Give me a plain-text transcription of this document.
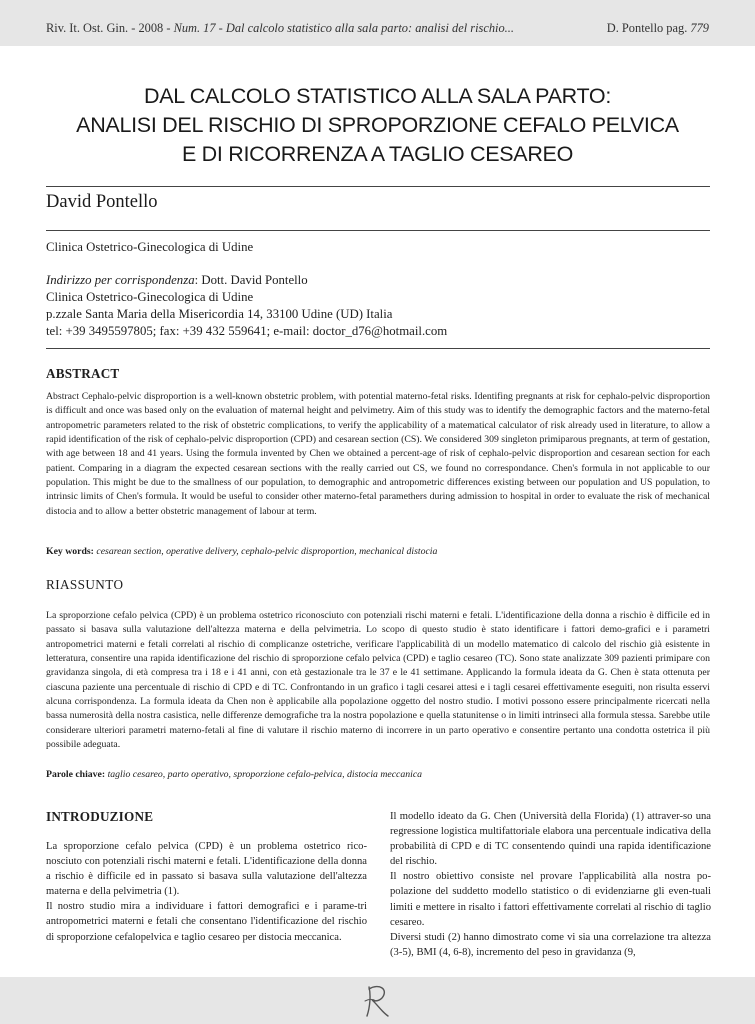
Riv. It. Ost. Gin. - 2008 - Num. 17 - Dal calcolo statistico alla sala parto: analisi del rischio...	D. Pontello pag. 779
DAL CALCOLO STATISTICO ALLA SALA PARTO:
ANALISI DEL RISCHIO DI SPROPORZIONE CEFALO PELVICA
E DI RICORRENZA A TAGLIO CESAREO
David Pontello
Clinica Ostetrico-Ginecologica di Udine
Indirizzo per corrispondenza: Dott. David Pontello
Clinica Ostetrico-Ginecologica di Udine
p.zzale Santa Maria della Misericordia 14, 33100 Udine (UD) Italia
tel: +39 3495597805; fax: +39 432 559641; e-mail: doctor_d76@hotmail.com
ABSTRACT
Abstract Cephalo-pelvic disproportion is a well-known obstetric problem, with potential materno-fetal risks. Identifing pregnants at risk for cephalo-pelvic disproportion is difficult and once was based only on the evaluation of maternal height and pelvimetry. Aim of this study was to identify the demographic factors and the materno-fetal antropometric parameters related to the risk of obstetric complications, to verify the applicability of a matematical calculator of risk already used in literature, to allow a rapid identification of the risk of cephalo-pelvic disproportion (CPD) and cesarean section (CS). We considered 309 singleton primiparous pregnants, at term of gestation, with age between 18 and 41 years. Using the formula invented by Chen we obtained a percent-age of risk of cephalo-pelvic disproportion and cesarean section for each patient. Comparing in a diagram the expected cesarean sections with the really carried out CS, we found no correspondance. Chen's formula in not applicable to our population. This might be due to the smallness of our population, to demographic and antropometric differences existing between our population and US population, to intrinsic limits of Chen's formula. It would be useful to consider other materno-fetal paramethers during admission to hospital in order to evaluate the risk of mechanical distocia and to allow a better obstetric management of labour at term.
Key words: cesarean section, operative delivery, cephalo-pelvic disproportion, mechanical distocia
RIASSUNTO
La sproporzione cefalo pelvica (CPD) è un problema ostetrico riconosciuto con potenziali rischi materni e fetali. L'identificazione della donna a rischio è difficile ed in passato si basava sulla valutazione dell'altezza materna e della pelvimetria. Lo scopo di questo studio è stato identificare i fattori demo-grafici e i parametri antropometrici materni e fetali correlati al rischio di complicanze ostetriche, verificare l'applicabilità di un modello matematico di calcolo del rischio già esistente in letteratura, consentire una rapida identificazione del rischio di sproporzione cefalo pelvica (CPD) e taglio cesareo (TC). Sono state analizzate 309 pazienti primipare con gravidanza singola, di età compresa tra i 18 e i 41 anni, con età gestazionale tra le 37 e le 41 settimane. Applicando la formula ideata da G. Chen è stata ottenuta per ciascuna paziente una percentuale di rischio di CPD e di TC. Confrontando in un grafico i tagli cesarei attesi e i tagli cesarei effettivamente eseguiti, non risulta esservi alcuna corrispondenza. La formula ideata da Chen non è applicabile alla popolazione oggetto del nostro studio. I motivi possono essere principalmente ricercati nella bassa numerosità della nostra casistica, nelle differenze demografiche tra la nostra popolazione e quella statunitense o in limiti intrinseci alla formula stessa. Sarebbe utile considerare ulteriori parametri materno-fetali al fine di valutare il rischio materno di incorrere in un parto operativo e consentire pertanto una condotta ostetrica il più possibile adeguata.
Parole chiave: taglio cesareo, parto operativo, sproporzione cefalo-pelvica, distocia meccanica
INTRODUZIONE

La sproporzione cefalo pelvica (CPD) è un problema ostetrico rico-nosciuto con potenziali rischi materni e fetali. L'identificazione della donna a rischio è difficile ed in passato si basava sulla valutazione dell'altezza materna e della pelvimetria (1).

Il nostro studio mira a individuare i fattori demografici e i parame-tri antropometrici materni e fetali che consentano l'identificazione del rischio di sproporzione cefalopelvica e taglio cesareo per distocia meccanica.

Il modello ideato da G. Chen (Università della Florida) (1) attraver-so una regressione logistica multifattoriale elabora una percentuale indicativa della probabilità di CPD e di TC consentendo quindi una rapida identificazione del rischio.

Il nostro obiettivo consiste nel provare l'applicabilità alla nostra po-polazione del suddetto modello statistico o di evidenziarne gli even-tuali limiti e mettere in risalto i fattori effettivamente correlati al rischio di taglio cesareo.

Diversi studi (2) hanno dimostrato come vi sia una correlazione tra altezza (3-5), BMI (4, 6-8), incremento del peso in gravidanza (9,
